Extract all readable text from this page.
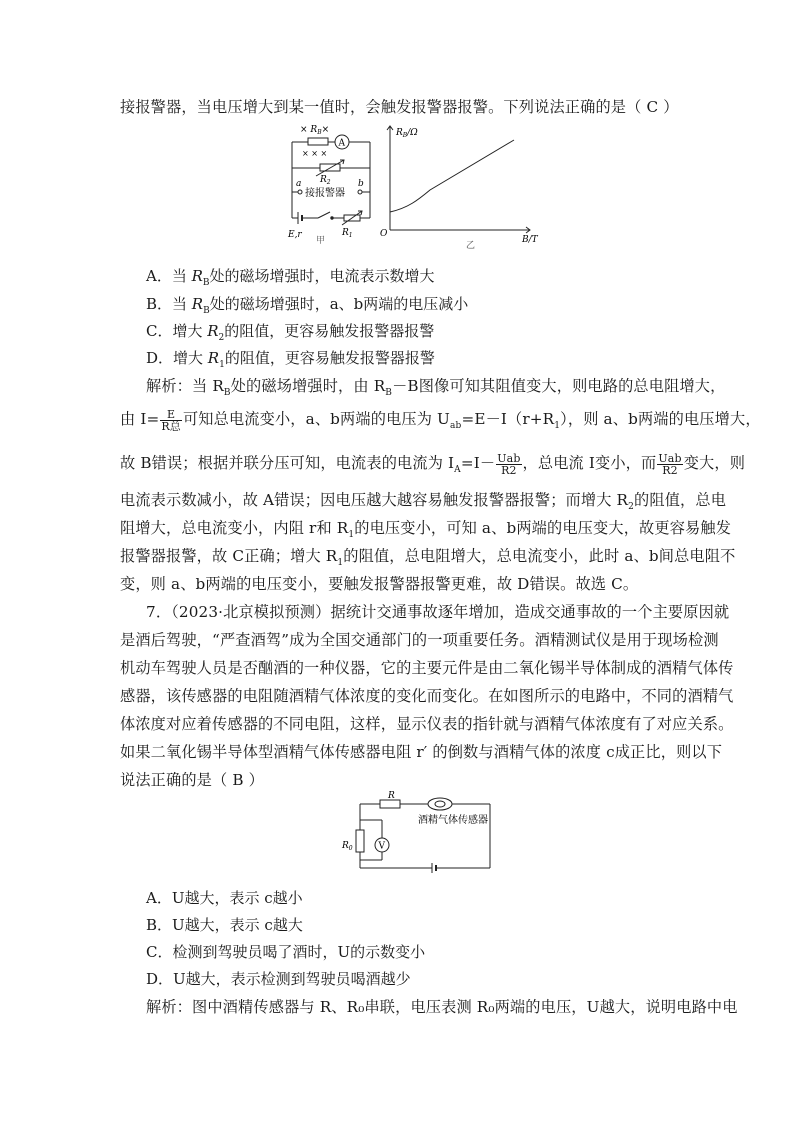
接报警器，当电压增大到某一值时，会触发报警器报警。下列说法正确的是（ C ）
× $R_B\times$
× × ×
A
$R_2$
a	b
接报警器
E,r	$R_1$
甲
$R_B/\Omega$
O
B/T
乙
A．当 $R_B$处的磁场增强时，电流表示数增大
B．当 $R_B$处的磁场增强时，a、b两端的电压减小
C．增大 $R_2$的阻值，更容易触发报警器报警
D．增大 $R_1$的阻值，更容易触发报警器报警
解析：当 $R_B$处的磁场增强时，由 $R_B-B$图像可知其阻值变大，则电路的总电阻增大，
由 $I= \frac{E}{\text{R总}}$ 可知总电流变小，a、b两端的电压为 $U_{ab}=E-I(r+R_1)$，则 a、b两端的电压增大，
故 B错误；根据并联分压可知，电流表的电流为 $I_A=I- \frac{\text{Uab}}{R2}$ ，总电流 I变小，而 $\frac{\text{Uab}}{R2}$ 变大，则
电流表示数减小，故 A错误；因电压越大越容易触发报警器报警；而增大 $R_2$的阻值，总电
阻增大，总电流变小，内阻 r和 $R_1$的电压变小，可知 a、b两端的电压变大，故更容易触发
报警器报警，故 C正确；增大 $R_1$的阻值，总电阻增大，总电流变小，此时 a、b间总电阻不
变，则 a、b两端的电压变小，要触发报警器报警更难，故 D错误。故选 C。
7．（2023·北京模拟预测）据统计交通事故逐年增加，造成交通事故的一个主要原因就
是酒后驾驶，“严查酒驾”成为全国交通部门的一项重要任务。酒精测试仪是用于现场检测
机动车驾驶人员是否酗酒的一种仪器，它的主要元件是由二氧化锡半导体制成的酒精气体传
感器，该传感器的电阻随酒精气体浓度的变化而变化。在如图所示的电路中，不同的酒精气
体浓度对应着传感器的不同电阻，这样，显示仪表的指针就与酒精气体浓度有了对应关系。
如果二氧化锡半导体型酒精气体传感器电阻 r′ 的倒数与酒精气体的浓度 c成正比，则以下
说法正确的是（ B ）
R
$R_0$	V
酒精气体传感器
A．U越大，表示 c越小
B．U越大，表示 c越大
C．检测到驾驶员喝了酒时，U的示数变小
D．U越大，表示检测到驾驶员喝酒越少
解析：图中酒精传感器与 R、R₀串联，电压表测 R₀两端的电压，U越大，说明电路中电
